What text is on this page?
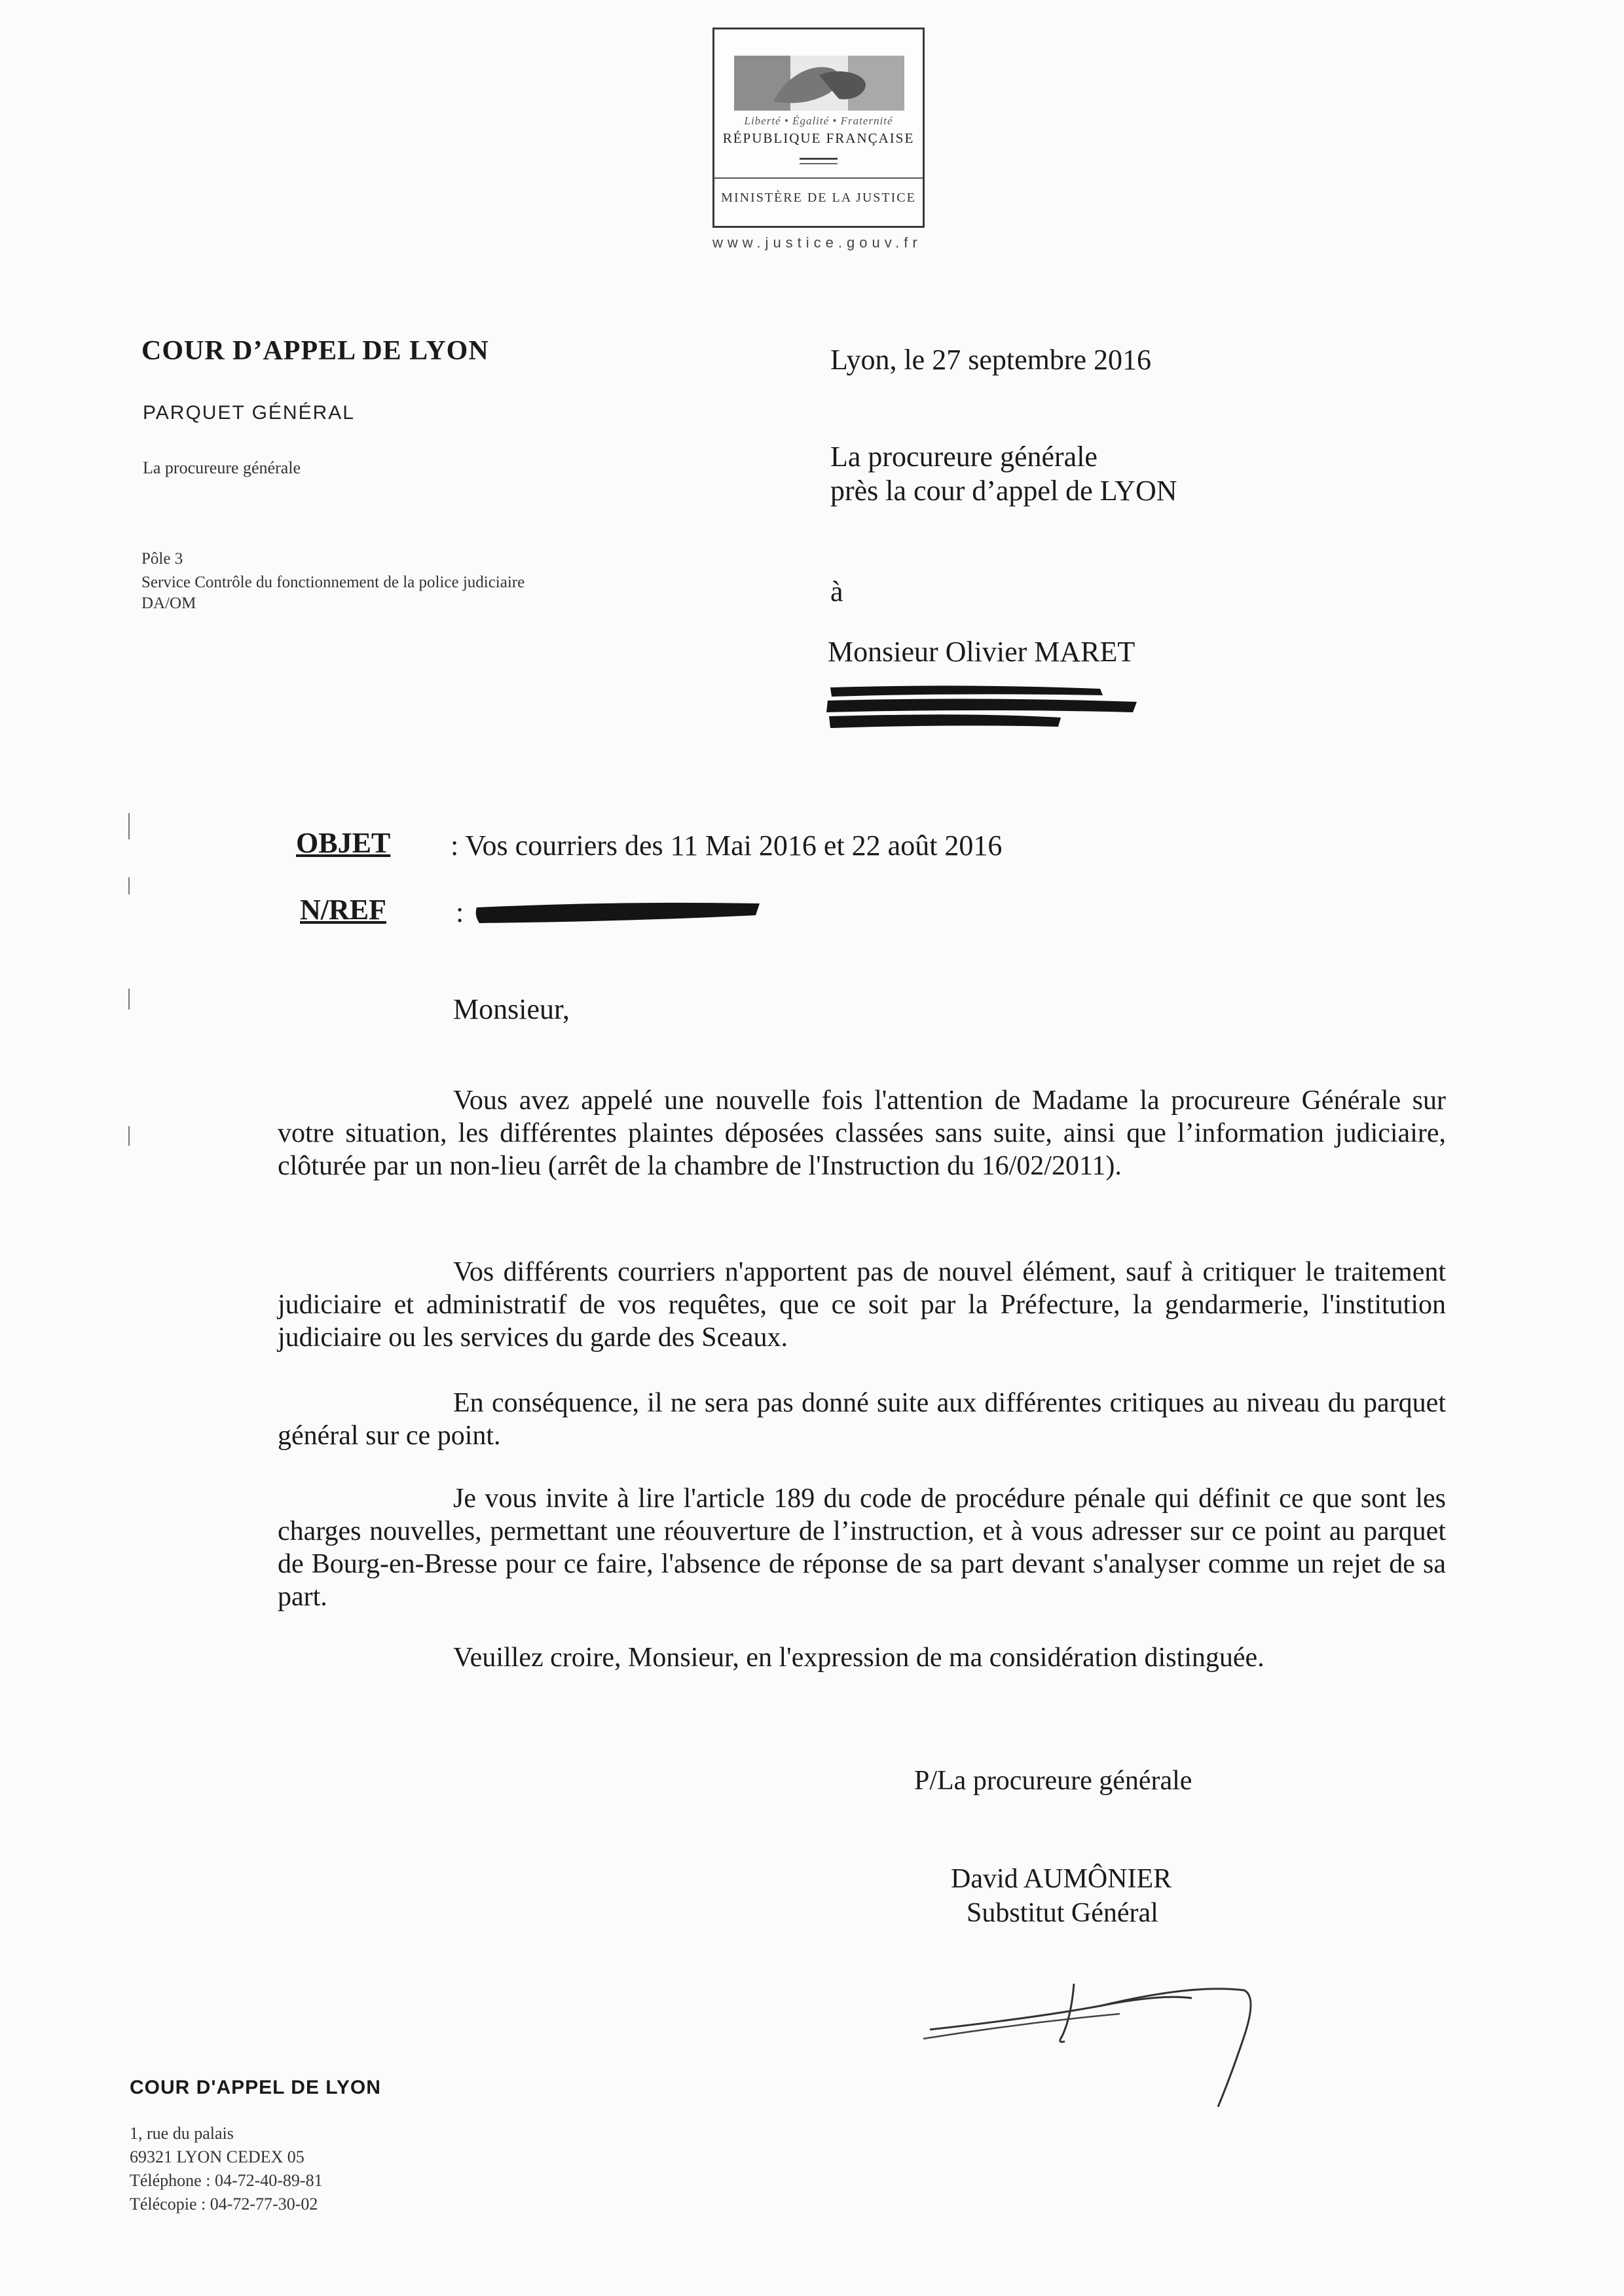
Liberté • Égalité • Fraternité
RÉPUBLIQUE FRANÇAISE
MINISTÈRE DE LA JUSTICE
www.justice.gouv.fr
COUR D’APPEL DE LYON
PARQUET GÉNÉRAL
La procureure générale
Pôle 3
Service Contrôle du fonctionnement de la police judiciaire
DA/OM
Lyon, le 27 septembre 2016
La procureure générale
près la cour d’appel de LYON
à
Monsieur Olivier MARET
OBJET : Vos courriers des 11 Mai 2016 et 22 août 2016
N/REF :
Monsieur,

Vous avez appelé une nouvelle fois l'attention de Madame la procureure Générale sur votre situation, les différentes plaintes déposées classées sans suite, ainsi que l’information judiciaire, clôturée par un non-lieu (arrêt de la chambre de l'Instruction du 16/02/2011).

Vos différents courriers n'apportent pas de nouvel élément, sauf à critiquer le traitement judiciaire et administratif de vos requêtes, que ce soit par la Préfecture, la gendarmerie, l'institution judiciaire ou les services du garde des Sceaux.

En conséquence, il ne sera pas donné suite aux différentes critiques au niveau du parquet général sur ce point.

Je vous invite à lire l'article 189 du code de procédure pénale qui définit ce que sont les charges nouvelles, permettant une réouverture de l’instruction, et à vous adresser sur ce point au parquet de Bourg-en-Bresse pour ce faire, l'absence de réponse de sa part devant s'analyser comme un rejet de sa part.

Veuillez croire, Monsieur, en l'expression de ma considération distinguée.
P/La procureure générale
David AUMÔNIER
Substitut Général
COUR D'APPEL DE LYON
1, rue du palais
69321 LYON CEDEX 05
Téléphone : 04-72-40-89-81
Télécopie : 04-72-77-30-02
